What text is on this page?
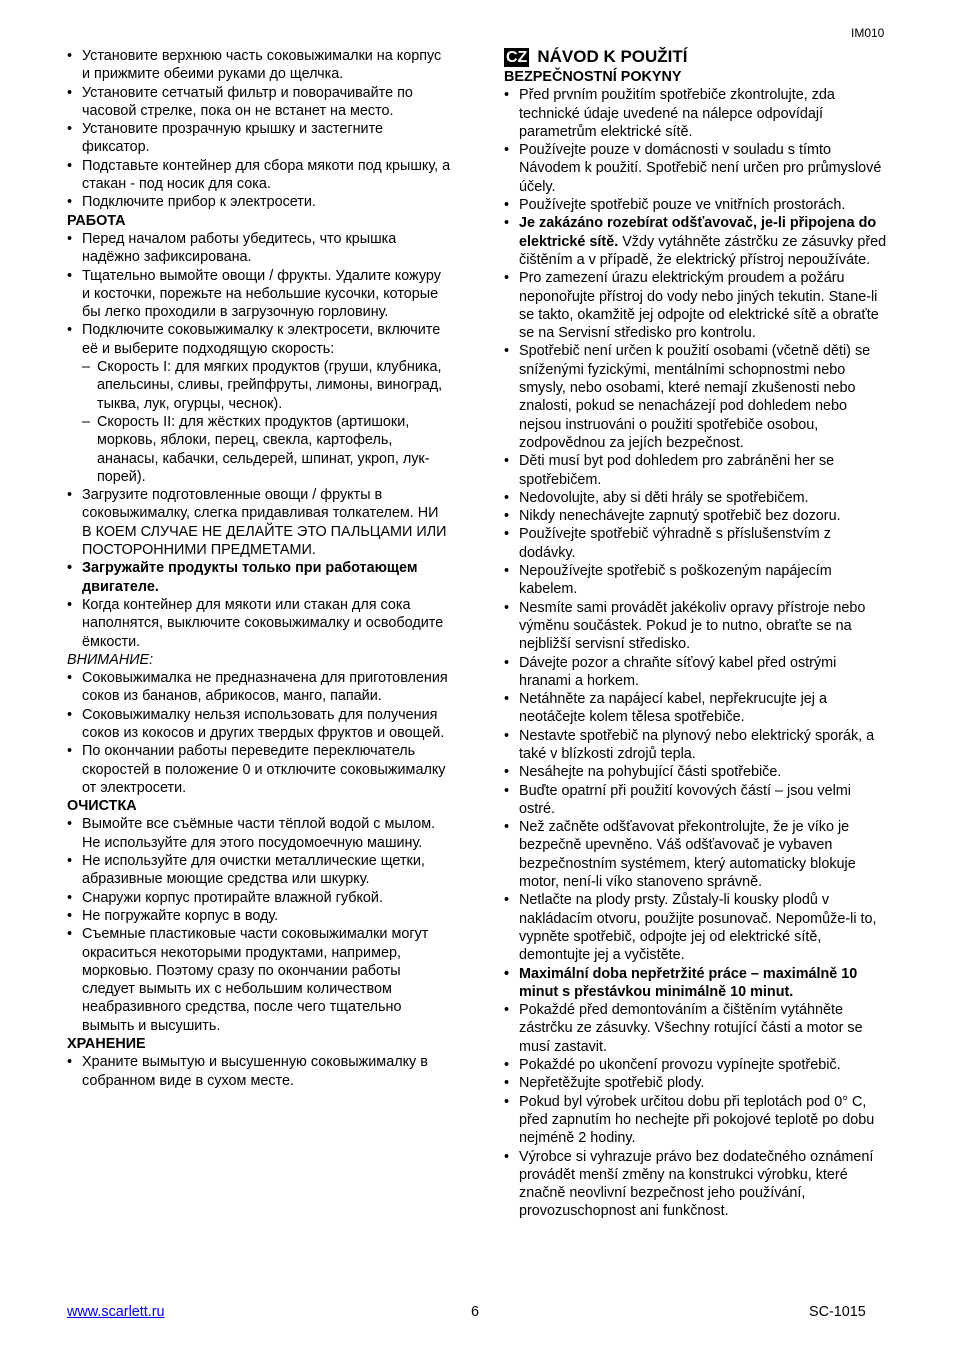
IM010
• Установите верхнюю часть соковыжималки на корпус и прижмите обеими руками до щелчка.
• Установите сетчатый фильтр и поворачивайте по часовой стрелке, пока он не встанет на место.
• Установите прозрачную крышку и застегните фиксатор.
• Подставьте контейнер для сбора мякоти под крышку, а стакан - под носик для сока.
• Подключите прибор к электросети.
РАБОТА
• Перед началом работы убедитесь, что крышка надёжно зафиксирована.
• Тщательно вымойте овощи / фрукты. Удалите кожуру и косточки, порежьте на небольшие кусочки, которые бы легко проходили в загрузочную горловину.
• Подключите соковыжималку к электросети, включите её и выберите подходящую скорость:
– Скорость I: для мягких продуктов (груши, клубника, апельсины, сливы, грейпфруты, лимоны, виноград, тыква, лук, огурцы, чеснок).
– Скорость II: для жёстких продуктов (артишоки, морковь, яблоки, перец, свекла, картофель, ананасы, кабачки, сельдерей, шпинат, укроп, лук-порей).
• Загрузите подготовленные овощи / фрукты в соковыжималку, слегка придавливая толкателем. НИ В КОЕМ СЛУЧАЕ НЕ ДЕЛАЙТЕ ЭТО ПАЛЬЦАМИ ИЛИ ПОСТОРОННИМИ ПРЕДМЕТАМИ.
• Загружайте продукты только при работающем двигателе.
• Когда контейнер для мякоти или стакан для сока наполнятся, выключите соковыжималку и освободите ёмкости.
ВНИМАНИЕ:
• Соковыжималка не предназначена для приготовления соков из бананов, абрикосов, манго, папайи.
• Соковыжималку нельзя использовать для получения соков из кокосов и других твердых фруктов и овощей.
• По окончании работы переведите переключатель скоростей в положение 0 и отключите соковыжималку от электросети.
ОЧИСТКА
• Вымойте все съёмные части тёплой водой с мылом. Не используйте для этого посудомоечную машину.
• Не используйте для очистки металлические щетки, абразивные моющие средства или шкурку.
• Снаружи корпус протирайте влажной губкой.
• Не погружайте корпус в воду.
• Съемные пластиковые части соковыжималки могут окраситься некоторыми продуктами, например, морковью. Поэтому сразу по окончании работы следует вымыть их с небольшим количеством неабразивного средства, после чего тщательно вымыть и высушить.
ХРАНЕНИЕ
• Храните вымытую и высушенную соковыжималку в собранном виде в сухом месте.
CZ NÁVOD K POUŽITÍ
BEZPEČNOSTNÍ POKYNY
• Před prvním použitím spotřebiče zkontrolujte, zda technické údaje uvedené na nálepce odpovídají parametrům elektrické sítě.
• Používejte pouze v domácnosti v souladu s tímto Návodem k použití. Spotřebič není určen pro průmyslové účely.
• Používejte spotřebič pouze ve vnitřních prostorách.
• Je zakázáno rozebírat odšťavovač, je-li připojena do elektrické sítě. Vždy vytáhněte zástrčku ze zásuvky před čištěním a v případě, že elektrický přístroj nepoužíváte.
• Pro zamezení úrazu elektrickým proudem a požáru neponořujte přístroj do vody nebo jiných tekutin. Stane-li se takto, okamžitě jej odpojte od elektrické sítě a obraťte se na Servisní středisko pro kontrolu.
• Spotřebič není určen k použití osobami (včetně děti) se sníženými fyzickými, mentálními schopnostmi nebo smysly, nebo osobami, které nemají zkušenosti nebo znalosti, pokud se nenacházejí pod dohledem nebo nejsou instruováni o použiti spotřebiče osobou, zodpovědnou za jejích bezpečnost.
• Děti musí byt pod dohledem pro zabráněni her se spotřebičem.
• Nedovolujte, aby si děti hrály se spotřebičem.
• Nikdy nenechávejte zapnutý spotřebič bez dozoru.
• Používejte spotřebič výhradně s příslušenstvím z dodávky.
• Nepoužívejte spotřebič s poškozeným napájecím kabelem.
• Nesmíte sami provádět jakékoliv opravy přístroje nebo výměnu součástek. Pokud je to nutno, obraťte se na nejbližší servisní středisko.
• Dávejte pozor a chraňte síťový kabel před ostrými hranami a horkem.
• Netáhněte za napájecí kabel, nepřekrucujte jej a neotáčejte kolem tělesa spotřebiče.
• Nestavte spotřebič na plynový nebo elektrický sporák, a také v blízkosti zdrojů tepla.
• Nesáhejte na pohybující části spotřebiče.
• Buďte opatrní při použití kovových částí – jsou velmi ostré.
• Než začněte odšťavovat překontrolujte, že je víko je bezpečně upevněno. Váš odšťavovač je vybaven bezpečnostním systémem, který automaticky blokuje motor, není-li víko stanoveno správně.
• Netlačte na plody prsty. Zůstaly-li kousky plodů v nakládacím otvoru, použijte posunovač. Nepomůže-li to, vypněte spotřebič, odpojte jej od elektrické sítě, demontujte jej a vyčistěte.
• Maximální doba nepřetržité práce – maximálně 10 minut s přestávkou minimálně 10 minut.
• Pokaždé před demontováním a čištěním vytáhněte zástrčku ze zásuvky. Všechny rotující části a motor se musí zastavit.
• Pokaždé po ukončení provozu vypínejte spotřebič.
• Nepřetěžujte spotřebič plody.
• Pokud byl výrobek určitou dobu při teplotách pod 0° C, před zapnutím ho nechejte při pokojové teplotě po dobu nejméně 2 hodiny.
• Výrobce si vyhrazuje právo bez dodatečného oznámení provádět menší změny na konstrukci výrobku, které značně neovlivní bezpečnost jeho používání, provozuschopnost ani funkčnost.
www.scarlett.ru	6	SC-1015
